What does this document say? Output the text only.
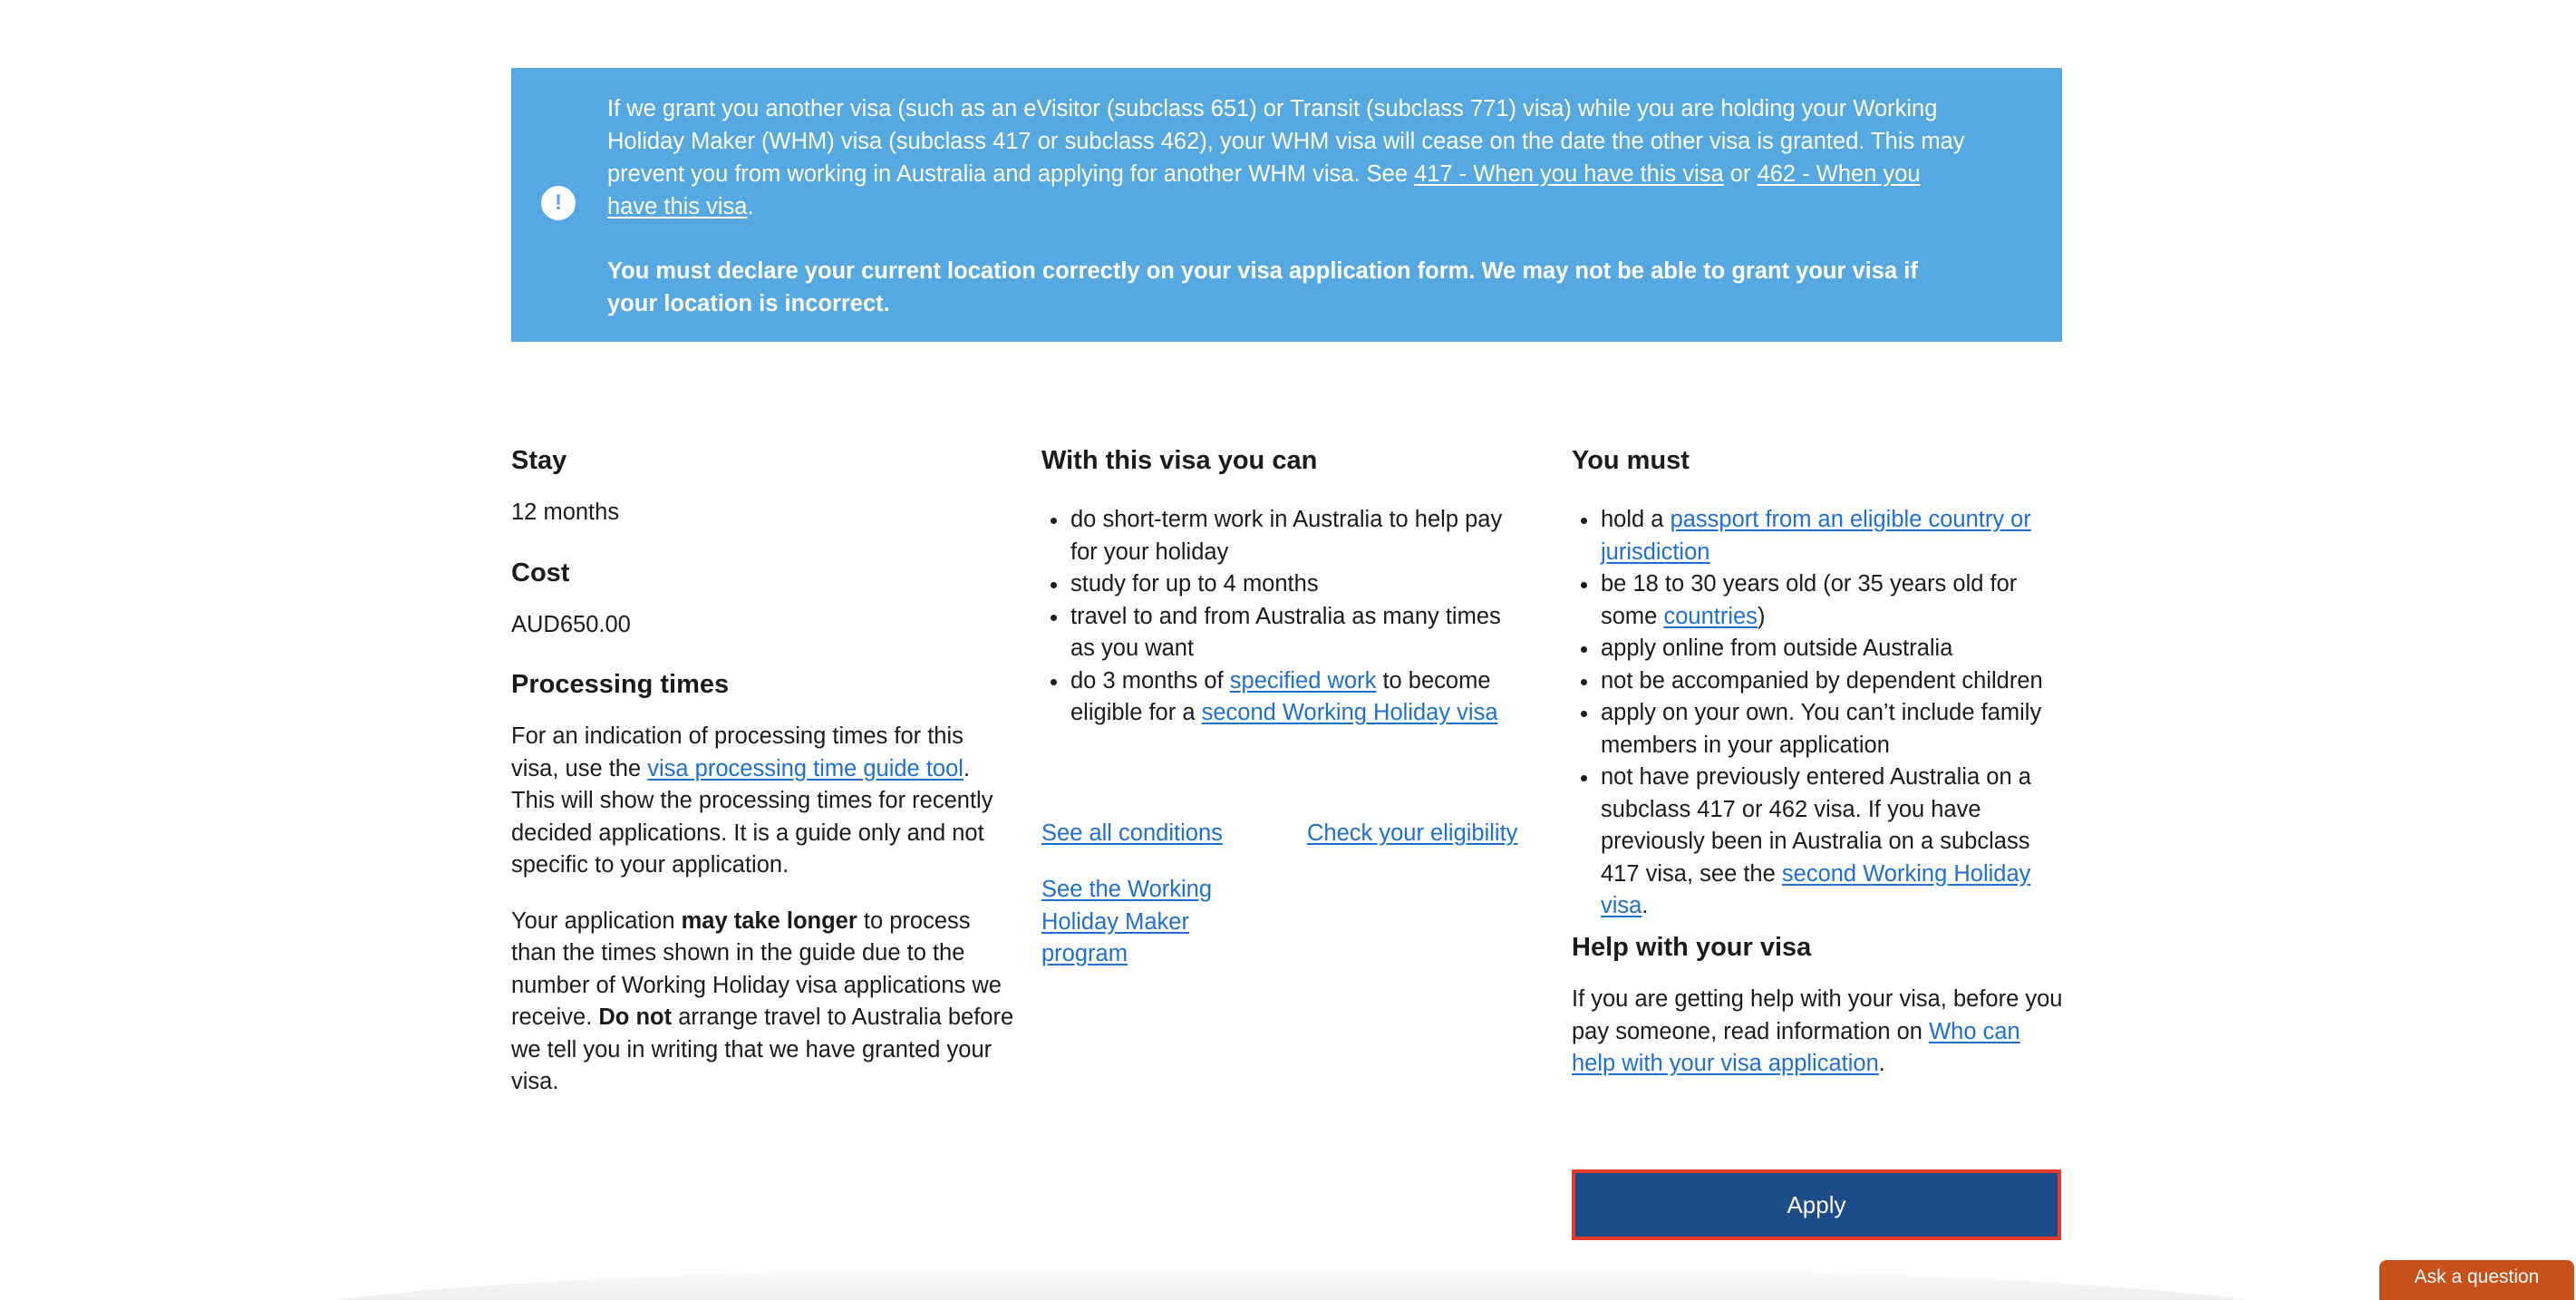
!

If we grant you another visa (such as an eVisitor (subclass 651) or Transit (subclass 771) visa) while you are holding your Working Holiday Maker (WHM) visa (subclass 417 or subclass 462), your WHM visa will cease on the date the other visa is granted. This may prevent you from working in Australia and applying for another WHM visa. See 417 - When you have this visa or 462 - When you have this visa.

You must declare your current location correctly on your visa application form. We may not be able to grant your visa if your location is incorrect.

Stay
12 months
Cost
AUD650.00
Processing times

For an indication of processing times for this visa, use the visa processing time guide tool. This will show the processing times for recently decided applications. It is a guide only and not specific to your application.

Your application may take longer to process than the times shown in the guide due to the number of Working Holiday visa applications we receive. Do not arrange travel to Australia before we tell you in writing that we have granted your visa.

With this visa you can
do short-term work in Australia to help pay for your holiday
study for up to 4 months
travel to and from Australia as many times as you want
do 3 months of specified work to become eligible for a second Working Holiday visa
See all conditions	Check your eligibility
See the Working Holiday Maker program
You must
hold a passport from an eligible country or jurisdiction
be 18 to 30 years old (or 35 years old for some countries)
apply online from outside Australia
not be accompanied by dependent children
apply on your own. You can’t include family members in your application
not have previously entered Australia on a subclass 417 or 462 visa. If you have previously been in Australia on a subclass 417 visa, see the second Working Holiday visa.
Help with your visa

If you are getting help with your visa, before you pay someone, read information on Who can help with your visa application.

Apply
Ask a question
